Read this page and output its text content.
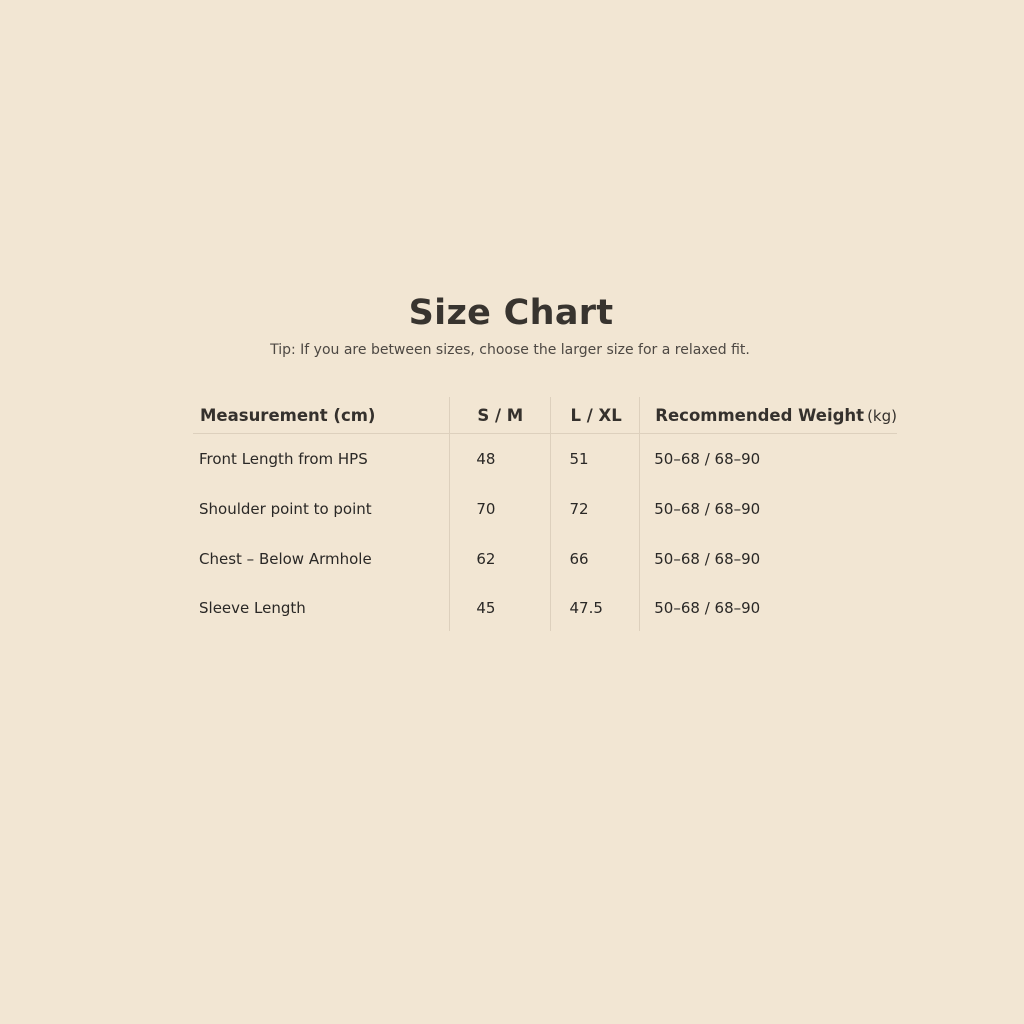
Size Chart
Tip: If you are between sizes, choose the larger size for a relaxed fit.
Measurement (cm)	S / M	L / XL	Recommended Weight (kg)
Front Length from HPS	48	51	50–68 / 68–90
Shoulder point to point	70	72	50–68 / 68–90
Chest – Below Armhole	62	66	50–68 / 68–90
Sleeve Length	45	47.5	50–68 / 68–90
